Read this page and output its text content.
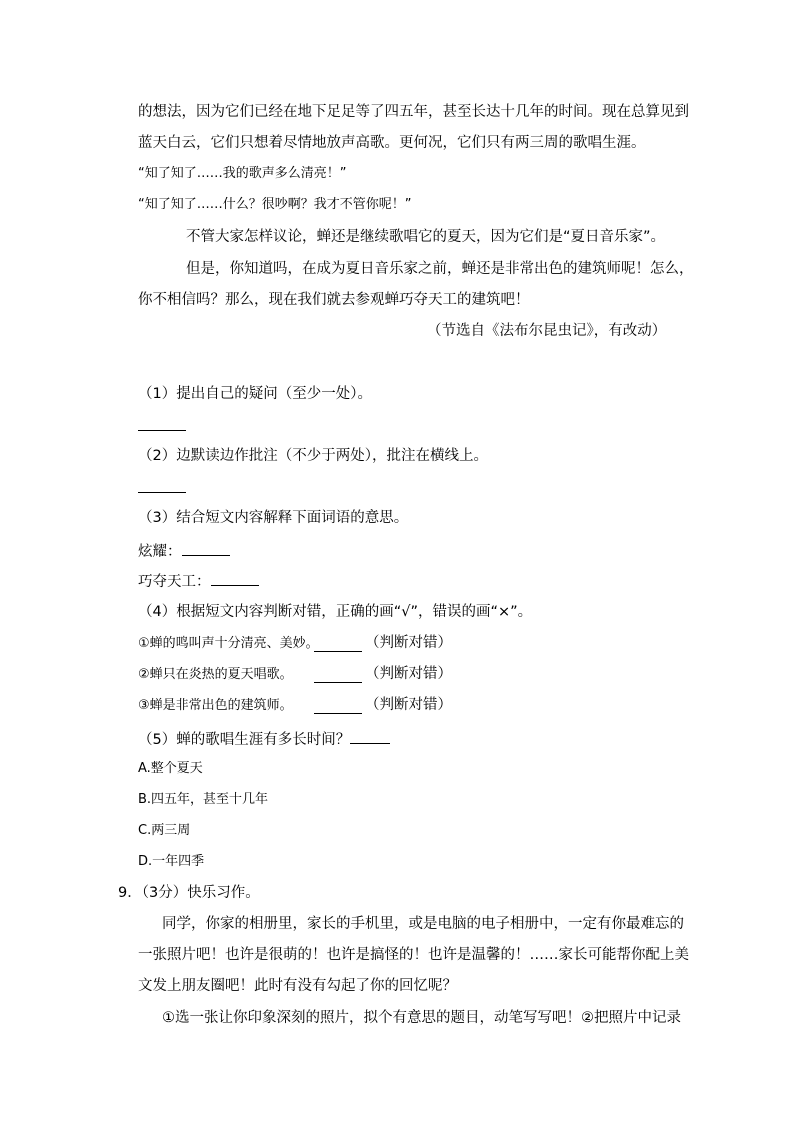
的想法，因为它们已经在地下足足等了四五年，甚至长达十几年的时间。现在总算见到
蓝天白云，它们只想着尽情地放声高歌。更何况，它们只有两三周的歌唱生涯。
“知了知了……我的歌声多么清亮！”
“知了知了……什么？很吵啊？我才不管你呢！”
不管大家怎样议论，蝉还是继续歌唱它的夏天，因为它们是“夏日音乐家”。
但是，你知道吗，在成为夏日音乐家之前，蝉还是非常出色的建筑师呢！怎么，
你不相信吗？那么，现在我们就去参观蝉巧夺天工的建筑吧！
（节选自《法布尔昆虫记》，有改动）
（1）提出自己的疑问（至少一处）。
（2）边默读边作批注（不少于两处），批注在横线上。
（3）结合短文内容解释下面词语的意思。
炫耀：
巧夺天工：
（4）根据短文内容判断对错，正确的画“√”，错误的画“×”。
①蝉的鸣叫声十分清亮、美妙。	（判断对错）
②蝉只在炎热的夏天唱歌。	（判断对错）
③蝉是非常出色的建筑师。	（判断对错）
（5）蝉的歌唱生涯有多长时间？
A.整个夏天
B.四五年，甚至十几年
C.两三周
D.一年四季
9．（3分）快乐习作。
同学，你家的相册里，家长的手机里，或是电脑的电子相册中，一定有你最难忘的
一张照片吧！也许是很萌的！也许是搞怪的！也许是温馨的！……家长可能帮你配上美
文发上朋友圈吧！此时有没有勾起了你的回忆呢？
①选一张让你印象深刻的照片，拟个有意思的题目，动笔写写吧！②把照片中记录
